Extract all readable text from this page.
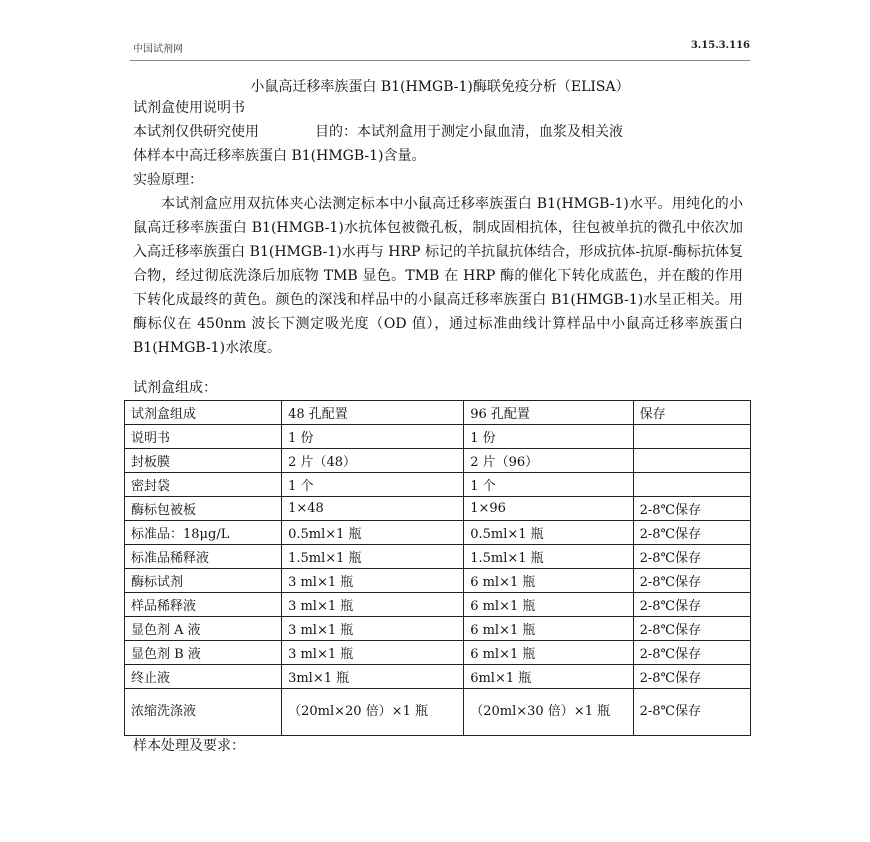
中国试剂网	3.15.3.116
小鼠高迁移率族蛋白 B1(HMGB-1)酶联免疫分析（ELISA）
试剂盒使用说明书
本试剂仅供研究使用　　　　目的：本试剂盒用于测定小鼠血清，血浆及相关液
体样本中高迁移率族蛋白 B1(HMGB-1)含量。
实验原理：
本试剂盒应用双抗体夹心法测定标本中小鼠高迁移率族蛋白 B1(HMGB-1)水平。用纯化的小鼠高迁移率族蛋白 B1(HMGB-1)水抗体包被微孔板，制成固相抗体，往包被单抗的微孔中依次加入高迁移率族蛋白 B1(HMGB-1)水再与 HRP 标记的羊抗鼠抗体结合，形成抗体-抗原-酶标抗体复合物，经过彻底洗涤后加底物 TMB 显色。TMB 在 HRP 酶的催化下转化成蓝色，并在酸的作用下转化成最终的黄色。颜色的深浅和样品中的小鼠高迁移率族蛋白 B1(HMGB-1)水呈正相关。用酶标仪在 450nm 波长下测定吸光度（OD 值），通过标准曲线计算样品中小鼠高迁移率族蛋白 B1(HMGB-1)水浓度。
试剂盒组成：
试剂盒组成	48 孔配置	96 孔配置	保存
说明书	1 份	1 份	
封板膜	2 片（48）	2 片（96）	
密封袋	1 个	1 个	
酶标包被板	1×48	1×96	2-8℃保存
标准品：18μg/L	0.5ml×1 瓶	0.5ml×1 瓶	2-8℃保存
标准品稀释液	1.5ml×1 瓶	1.5ml×1 瓶	2-8℃保存
酶标试剂	3 ml×1 瓶	6 ml×1 瓶	2-8℃保存
样品稀释液	3 ml×1 瓶	6 ml×1 瓶	2-8℃保存
显色剂 A 液	3 ml×1 瓶	6 ml×1 瓶	2-8℃保存
显色剂 B 液	3 ml×1 瓶	6 ml×1 瓶	2-8℃保存
终止液	3ml×1 瓶	6ml×1 瓶	2-8℃保存
浓缩洗涤液	（20ml×20 倍）×1 瓶	（20ml×30 倍）×1 瓶	2-8℃保存
样本处理及要求：
